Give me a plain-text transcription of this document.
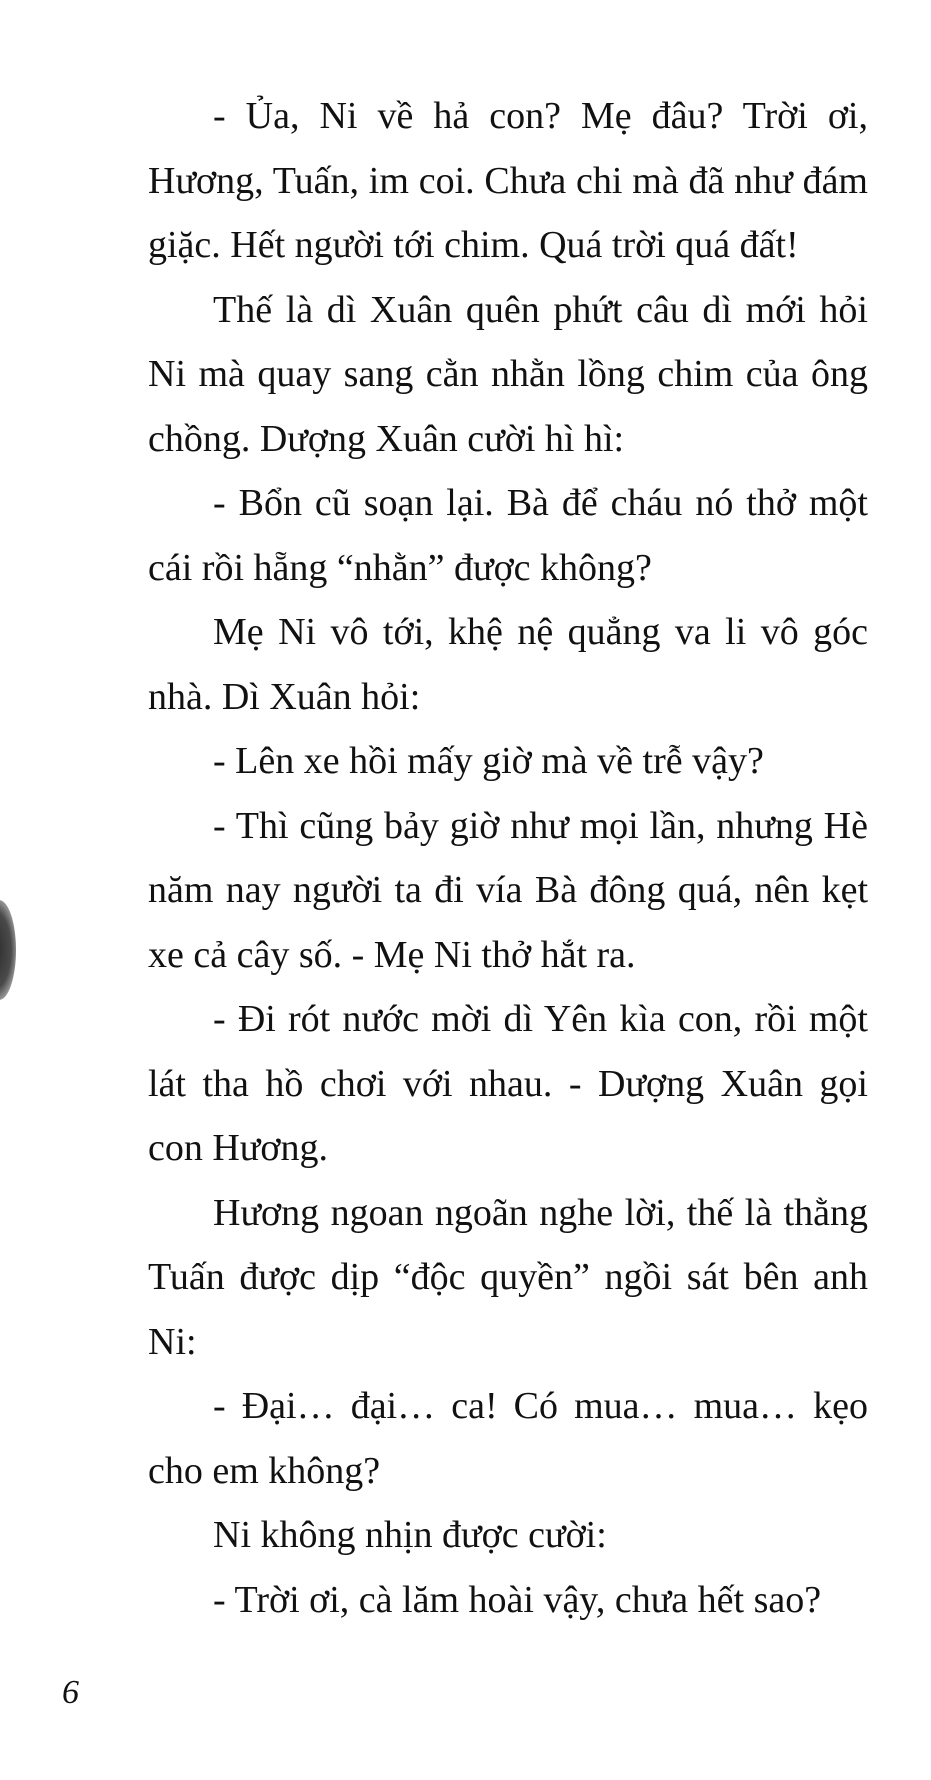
- Ủa, Ni về hả con? Mẹ đâu? Trời ơi, Hương, Tuấn, im coi. Chưa chi mà đã như đám giặc. Hết người tới chim. Quá trời quá đất!

Thế là dì Xuân quên phứt câu dì mới hỏi Ni mà quay sang cằn nhằn lồng chim của ông chồng. Dượng Xuân cười hì hì:

- Bổn cũ soạn lại. Bà để cháu nó thở một cái rồi hẵng “nhằn” được không?

Mẹ Ni vô tới, khệ nệ quẳng va li vô góc nhà. Dì Xuân hỏi:

- Lên xe hồi mấy giờ mà về trễ vậy?

- Thì cũng bảy giờ như mọi lần, nhưng Hè năm nay người ta đi vía Bà đông quá, nên kẹt xe cả cây số. - Mẹ Ni thở hắt ra.

- Đi rót nước mời dì Yên kìa con, rồi một lát tha hồ chơi với nhau. - Dượng Xuân gọi con Hương.

Hương ngoan ngoãn nghe lời, thế là thằng Tuấn được dịp “độc quyền” ngồi sát bên anh Ni:

- Đại… đại… ca! Có mua… mua… kẹo cho em không?

Ni không nhịn được cười:

- Trời ơi, cà lăm hoài vậy, chưa hết sao?

6
